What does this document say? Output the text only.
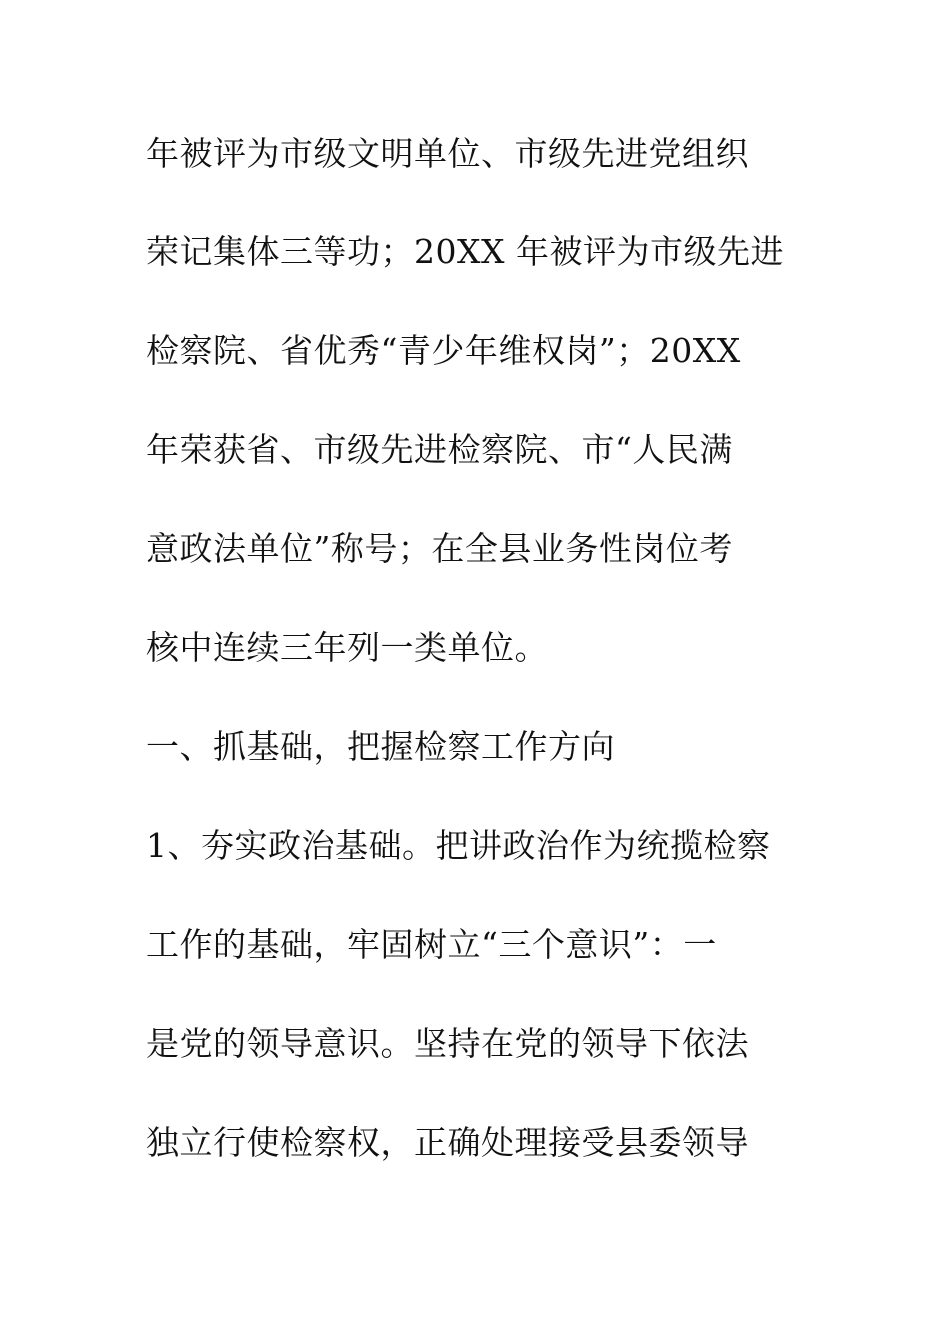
年被评为市级文明单位、市级先进党组织
荣记集体三等功；20XX 年被评为市级先进
检察院、省优秀“青少年维权岗”；20XX
年荣获省、市级先进检察院、市“人民满
意政法单位”称号；在全县业务性岗位考
核中连续三年列一类单位。
一、抓基础，把握检察工作方向
1、夯实政治基础。把讲政治作为统揽检察
工作的基础，牢固树立“三个意识”：一
是党的领导意识。坚持在党的领导下依法
独立行使检察权，正确处理接受县委领导
